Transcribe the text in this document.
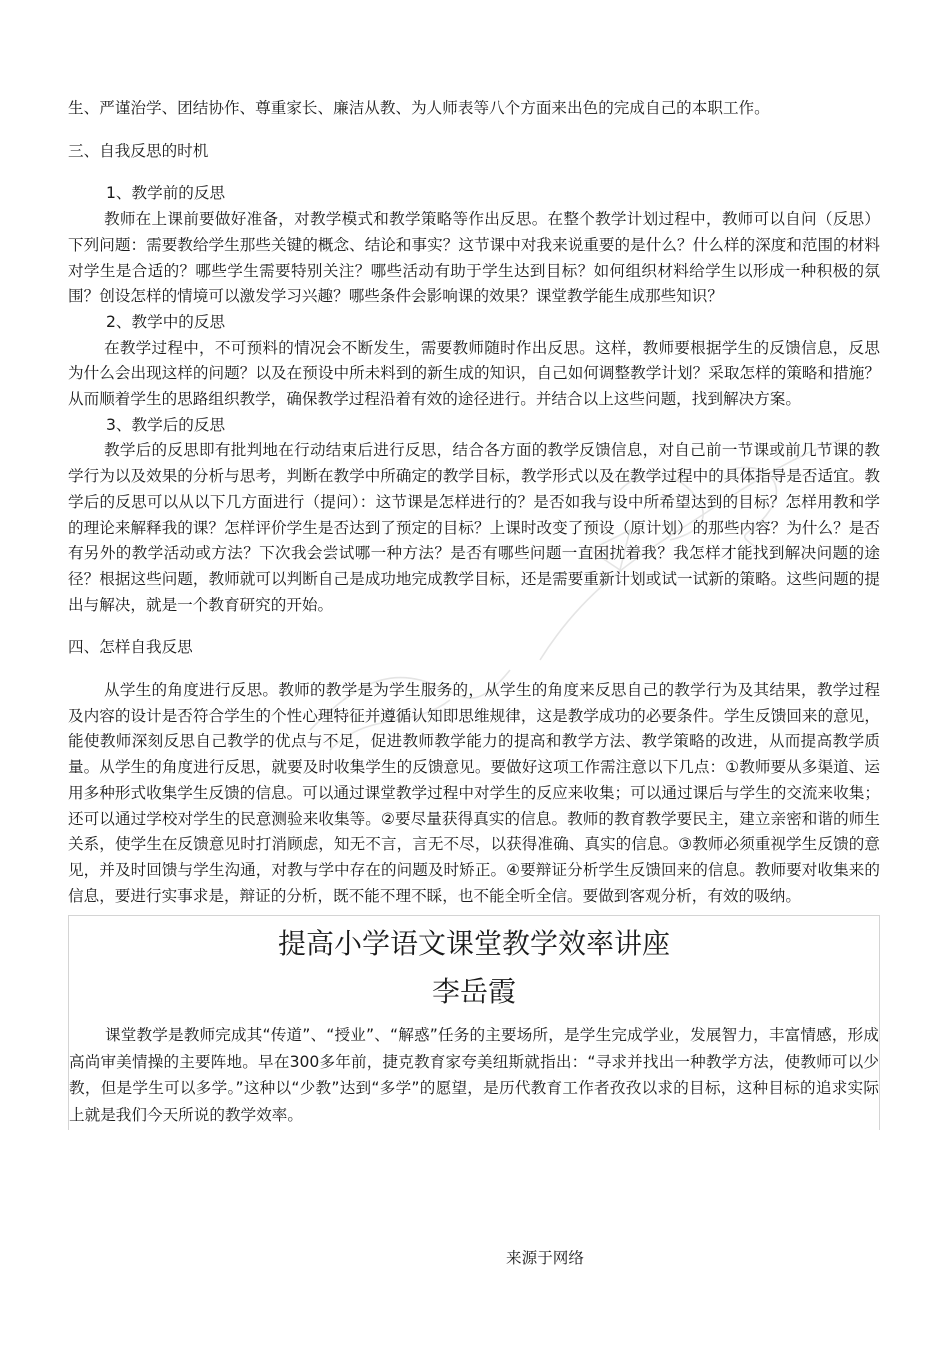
生、严谨治学、团结协作、尊重家长、廉洁从教、为人师表等八个方面来出色的完成自己的本职工作。

三、自我反思的时机

1、教学前的反思

教师在上课前要做好准备，对教学模式和教学策略等作出反思。在整个教学计划过程中，教师可以自问（反思）下列问题：需要教给学生那些关键的概念、结论和事实？这节课中对我来说重要的是什么？什么样的深度和范围的材料对学生是合适的？哪些学生需要特别关注？哪些活动有助于学生达到目标？如何组织材料给学生以形成一种积极的氛围？创设怎样的情境可以激发学习兴趣？哪些条件会影响课的效果？课堂教学能生成那些知识？

2、教学中的反思

在教学过程中，不可预料的情况会不断发生，需要教师随时作出反思。这样，教师要根据学生的反馈信息，反思为什么会出现这样的问题？以及在预设中所未料到的新生成的知识，自己如何调整教学计划？采取怎样的策略和措施？从而顺着学生的思路组织教学，确保教学过程沿着有效的途径进行。并结合以上这些问题，找到解决方案。

3、教学后的反思

教学后的反思即有批判地在行动结束后进行反思，结合各方面的教学反馈信息，对自己前一节课或前几节课的教学行为以及效果的分析与思考，判断在教学中所确定的教学目标，教学形式以及在教学过程中的具体指导是否适宜。教学后的反思可以从以下几方面进行（提问）：这节课是怎样进行的？是否如我与设中所希望达到的目标？怎样用教和学的理论来解释我的课？怎样评价学生是否达到了预定的目标？上课时改变了预设（原计划）的那些内容？为什么？是否有另外的教学活动或方法？下次我会尝试哪一种方法？是否有哪些问题一直困扰着我？我怎样才能找到解决问题的途径？根据这些问题，教师就可以判断自己是成功地完成教学目标，还是需要重新计划或试一试新的策略。这些问题的提出与解决，就是一个教育研究的开始。

四、怎样自我反思

从学生的角度进行反思。教师的教学是为学生服务的，从学生的角度来反思自己的教学行为及其结果，教学过程及内容的设计是否符合学生的个性心理特征并遵循认知即思维规律，这是教学成功的必要条件。学生反馈回来的意见，能使教师深刻反思自己教学的优点与不足，促进教师教学能力的提高和教学方法、教学策略的改进，从而提高教学质量。从学生的角度进行反思，就要及时收集学生的反馈意见。要做好这项工作需注意以下几点：①教师要从多渠道、运用多种形式收集学生反馈的信息。可以通过课堂教学过程中对学生的反应来收集；可以通过课后与学生的交流来收集；还可以通过学校对学生的民意测验来收集等。②要尽量获得真实的信息。教师的教育教学要民主，建立亲密和谐的师生关系，使学生在反馈意见时打消顾虑，知无不言，言无不尽，以获得准确、真实的信息。③教师必须重视学生反馈的意见，并及时回馈与学生沟通，对教与学中存在的问题及时矫正。④要辩证分析学生反馈回来的信息。教师要对收集来的信息，要进行实事求是，辩证的分析，既不能不理不睬，也不能全听全信。要做到客观分析，有效的吸纳。

提高小学语文课堂教学效率讲座
李岳霞

课堂教学是教师完成其“传道”、“授业”、“解惑”任务的主要场所，是学生完成学业，发展智力，丰富情感，形成高尚审美情操的主要阵地。早在300多年前，捷克教育家夸美纽斯就指出：“寻求并找出一种教学方法，使教师可以少教，但是学生可以多学。”这种以“少教”达到“多学”的愿望，是历代教育工作者孜孜以求的目标，这种目标的追求实际上就是我们今天所说的教学效率。

来源于网络
